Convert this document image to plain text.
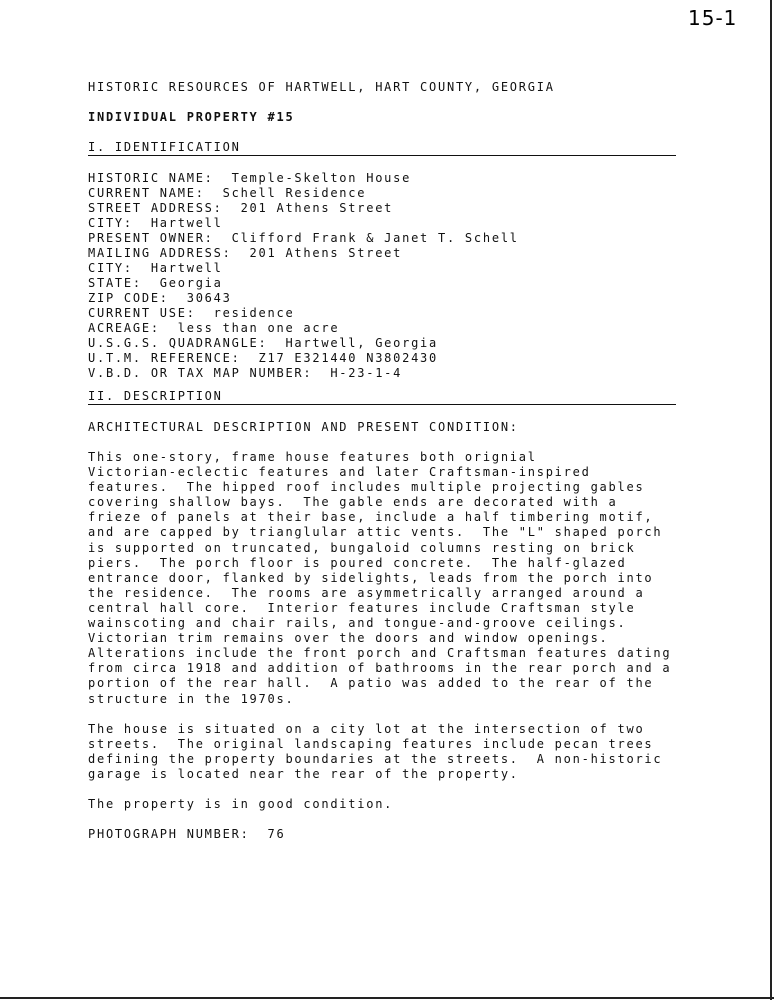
15-1
HISTORIC RESOURCES OF HARTWELL, HART COUNTY, GEORGIA
INDIVIDUAL PROPERTY #15
I. IDENTIFICATION
HISTORIC NAME:  Temple-Skelton House
CURRENT NAME:  Schell Residence
STREET ADDRESS:  201 Athens Street
CITY:  Hartwell
PRESENT OWNER:  Clifford Frank & Janet T. Schell
MAILING ADDRESS:  201 Athens Street
CITY:  Hartwell
STATE:  Georgia
ZIP CODE:  30643
CURRENT USE:  residence
ACREAGE:  less than one acre
U.S.G.S. QUADRANGLE:  Hartwell, Georgia
U.T.M. REFERENCE:  Z17 E321440 N3802430
V.B.D. OR TAX MAP NUMBER:  H-23-1-4
II. DESCRIPTION
ARCHITECTURAL DESCRIPTION AND PRESENT CONDITION:
This one-story, frame house features both orignial
Victorian-eclectic features and later Craftsman-inspired
features.  The hipped roof includes multiple projecting gables
covering shallow bays.  The gable ends are decorated with a
frieze of panels at their base, include a half timbering motif,
and are capped by trianglular attic vents.  The "L" shaped porch
is supported on truncated, bungaloid columns resting on brick
piers.  The porch floor is poured concrete.  The half-glazed
entrance door, flanked by sidelights, leads from the porch into
the residence.  The rooms are asymmetrically arranged around a
central hall core.  Interior features include Craftsman style
wainscoting and chair rails, and tongue-and-groove ceilings.
Victorian trim remains over the doors and window openings.
Alterations include the front porch and Craftsman features dating
from circa 1918 and addition of bathrooms in the rear porch and a
portion of the rear hall.  A patio was added to the rear of the
structure in the 1970s.
The house is situated on a city lot at the intersection of two
streets.  The original landscaping features include pecan trees
defining the property boundaries at the streets.  A non-historic
garage is located near the rear of the property.
The property is in good condition.
PHOTOGRAPH NUMBER:  76
